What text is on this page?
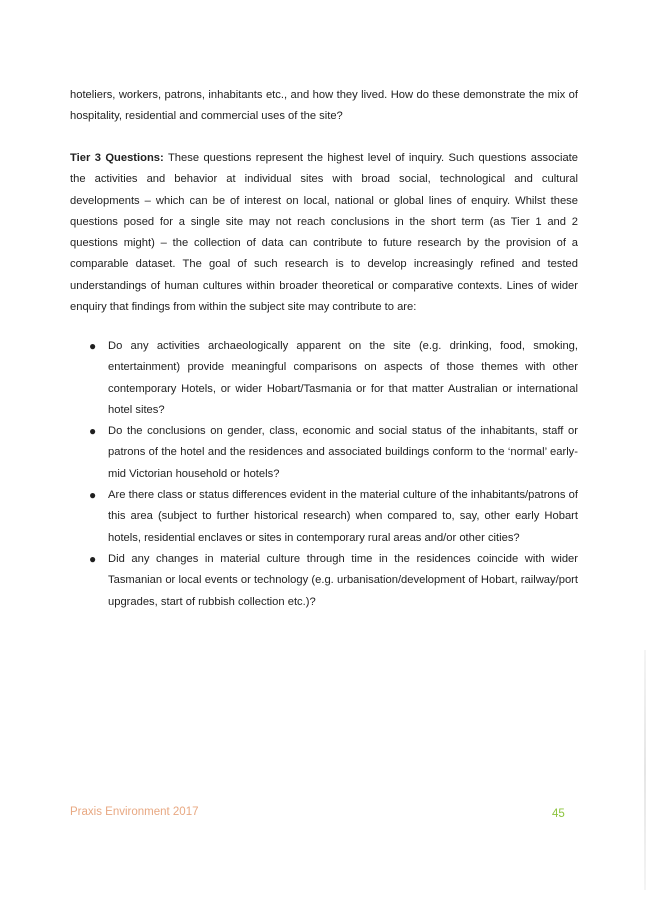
hoteliers, workers, patrons, inhabitants etc., and how they lived. How do these demonstrate the mix of hospitality, residential and commercial uses of the site?

Tier 3 Questions: These questions represent the highest level of inquiry. Such questions associate the activities and behavior at individual sites with broad social, technological and cultural developments – which can be of interest on local, national or global lines of enquiry. Whilst these questions posed for a single site may not reach conclusions in the short term (as Tier 1 and 2 questions might) – the collection of data can contribute to future research by the provision of a comparable dataset. The goal of such research is to develop increasingly refined and tested understandings of human cultures within broader theoretical or comparative contexts. Lines of wider enquiry that findings from within the subject site may contribute to are:

● Do any activities archaeologically apparent on the site (e.g. drinking, food, smoking, entertainment) provide meaningful comparisons on aspects of those themes with other contemporary Hotels, or wider Hobart/Tasmania or for that matter Australian or international hotel sites?
● Do the conclusions on gender, class, economic and social status of the inhabitants, staff or patrons of the hotel and the residences and associated buildings conform to the ‘normal’ early-mid Victorian household or hotels?
● Are there class or status differences evident in the material culture of the inhabitants/patrons of this area (subject to further historical research) when compared to, say, other early Hobart hotels, residential enclaves or sites in contemporary rural areas and/or other cities?
● Did any changes in material culture through time in the residences coincide with wider Tasmanian or local events or technology (e.g. urbanisation/development of Hobart, railway/port upgrades, start of rubbish collection etc.)?
Praxis Environment 2017	45
